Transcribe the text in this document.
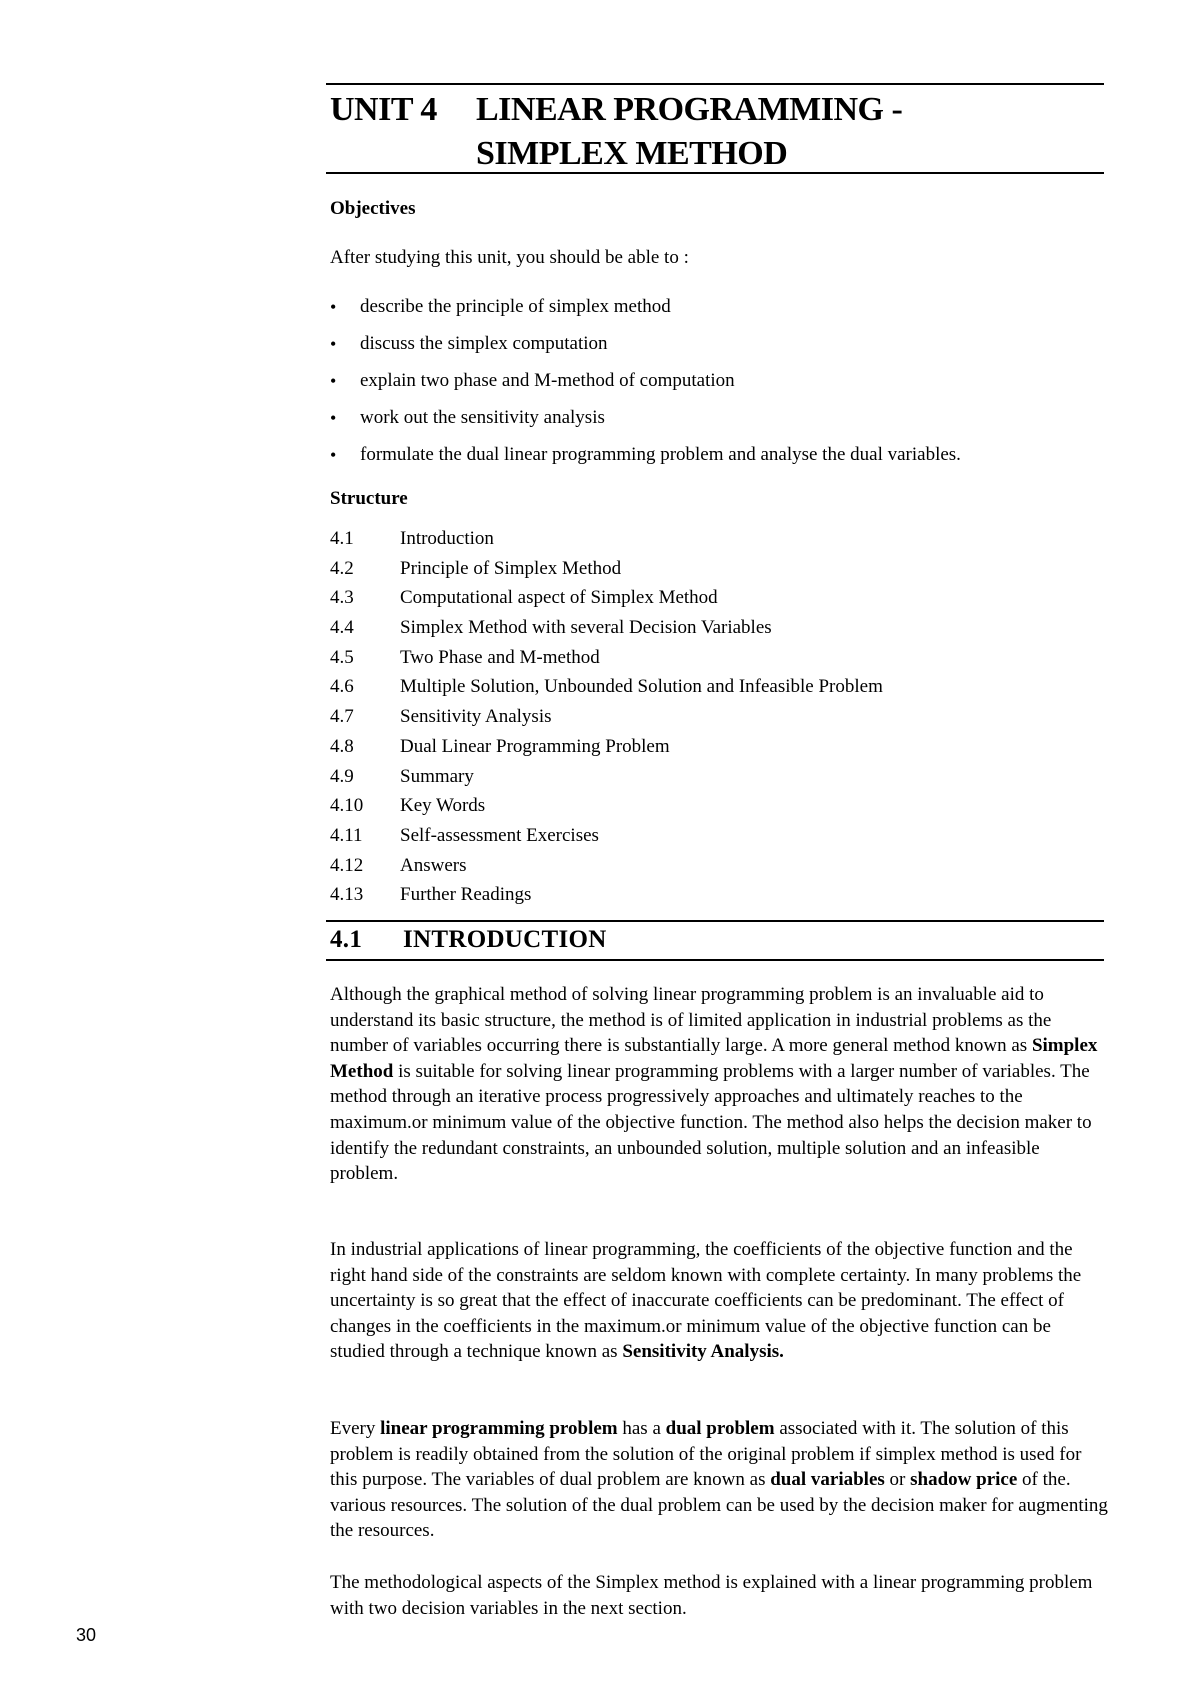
UNIT 4 LINEAR PROGRAMMING -
SIMPLEX METHOD
Objectives
After studying this unit, you should be able to :
• describe the principle of simplex method
• discuss the simplex computation
• explain two phase and M-method of computation
• work out the sensitivity analysis
• formulate the dual linear programming problem and analyse the dual variables.
Structure
4.1 Introduction
4.2 Principle of Simplex Method
4.3 Computational aspect of Simplex Method
4.4 Simplex Method with several Decision Variables
4.5 Two Phase and M-method
4.6 Multiple Solution, Unbounded Solution and Infeasible Problem
4.7 Sensitivity Analysis
4.8 Dual Linear Programming Problem
4.9 Summary
4.10 Key Words
4.11 Self-assessment Exercises
4.12 Answers
4.13 Further Readings
4.1 INTRODUCTION

Although the graphical method of solving linear programming problem is an invaluable aid to understand its basic structure, the method is of limited application in industrial problems as the number of variables occurring there is substantially large. A more general method known as Simplex Method is suitable for solving linear programming problems with a larger number of variables. The method through an iterative process progressively approaches and ultimately reaches to the maximum.or minimum value of the objective function. The method also helps the decision maker to identify the redundant constraints, an unbounded solution, multiple solution and an infeasible problem.

In industrial applications of linear programming, the coefficients of the objective function and the right hand side of the constraints are seldom known with complete certainty. In many problems the uncertainty is so great that the effect of inaccurate coefficients can be predominant. The effect of changes in the coefficients in the maximum.or minimum value of the objective function can be studied through a technique known as Sensitivity Analysis.

Every linear programming problem has a dual problem associated with it. The solution of this problem is readily obtained from the solution of the original problem if simplex method is used for this purpose. The variables of dual problem are known as dual variables or shadow price of the. various resources. The solution of the dual problem can be used by the decision maker for augmenting the resources.

The methodological aspects of the Simplex method is explained with a linear programming problem with two decision variables in the next section.

30
